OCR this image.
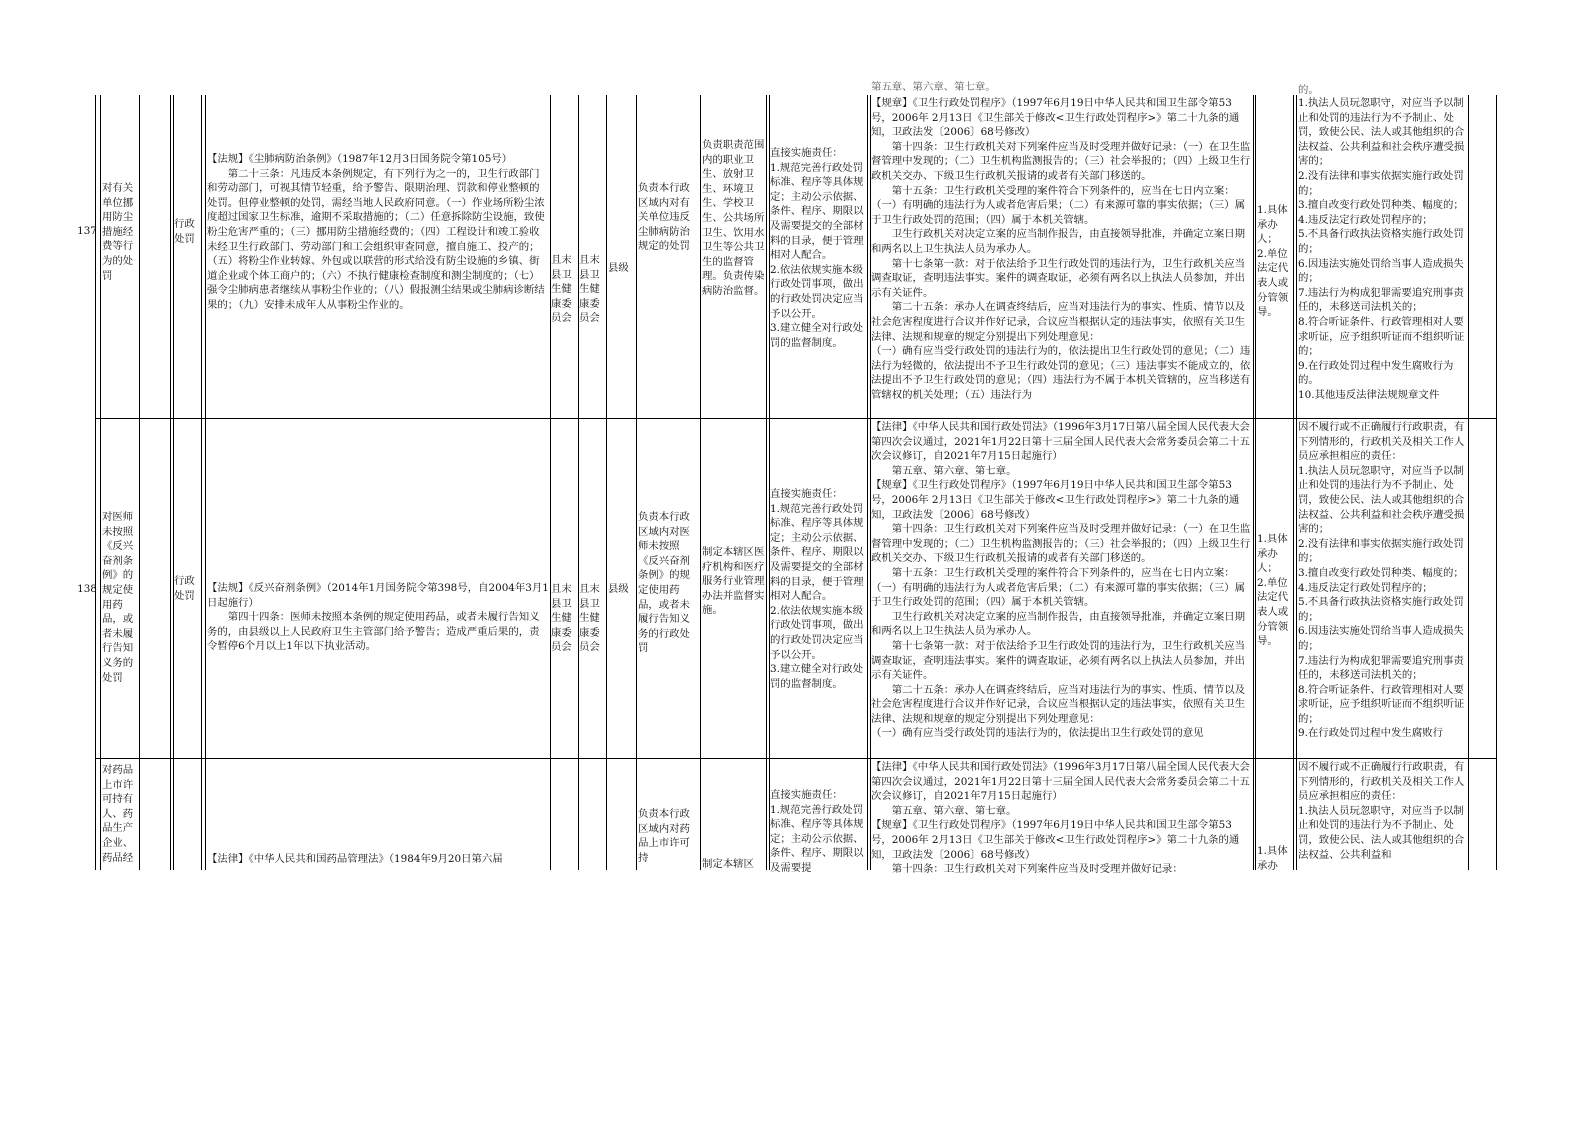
137

对有关单位挪用防尘措施经费等行为的处罚

行政处罚

【法规】《尘肺病防治条例》（1987年12月3日国务院令第105号）
　　第二十三条：凡违反本条例规定，有下列行为之一的，卫生行政部门和劳动部门，可视其情节轻重，给予警告、限期治理、罚款和停业整顿的处罚。但停业整顿的处罚，需经当地人民政府同意。（一）作业场所粉尘浓度超过国家卫生标准，逾期不采取措施的；（二）任意拆除防尘设施，致使粉尘危害严重的；（三）挪用防尘措施经费的；（四）工程设计和竣工验收未经卫生行政部门、劳动部门和工会组织审查同意，擅自施工、投产的；（五）将粉尘作业转嫁、外包或以联营的形式给没有防尘设施的乡镇、街道企业或个体工商户的；（六）不执行健康检查制度和测尘制度的；（七）强令尘肺病患者继续从事粉尘作业的；（八）假报测尘结果或尘肺病诊断结果的；（九）安排未成年人从事粉尘作业的。

且末县卫生健康委员会

且末县卫生健康委员会

县级

负责本行政区域内对有关单位违反尘肺病防治规定的处罚

负责职责范围内的职业卫生、放射卫生、环境卫生、学校卫生、公共场所卫生、饮用水卫生等公共卫生的监督管理。负责传染病防治监督。

直接实施责任：
1.规范完善行政处罚标准、程序等具体规定；主动公示依据、条件、程序、期限以及需要提交的全部材料的目录，便于管理相对人配合。
2.依法依规实施本级行政处罚事项，做出的行政处罚决定应当予以公开。
3.建立健全对行政处罚的监督制度。

第五章、第六章、第七章。

【规章】《卫生行政处罚程序》（1997年6月19日中华人民共和国卫生部令第53号，2006年 2月13日《卫生部关于修改<卫生行政处罚程序>》第二十九条的通知，卫政法发〔2006〕68号修改）
　　第十四条：卫生行政机关对下列案件应当及时受理并做好记录：（一）在卫生监督管理中发现的；（二）卫生机构监测报告的；（三）社会举报的；（四）上级卫生行政机关交办、下级卫生行政机关报请的或者有关部门移送的。
　　第十五条：卫生行政机关受理的案件符合下列条件的，应当在七日内立案：（一）有明确的违法行为人或者危害后果；（二）有来源可靠的事实依据；（三）属于卫生行政处罚的范围；（四）属于本机关管辖。
　　卫生行政机关对决定立案的应当制作报告，由直接领导批准，并确定立案日期和两名以上卫生执法人员为承办人。
　　第十七条第一款：对于依法给予卫生行政处罚的违法行为，卫生行政机关应当调查取证，查明违法事实。案件的调查取证，必须有两名以上执法人员参加，并出示有关证件。
　　第二十五条：承办人在调查终结后，应当对违法行为的事实、性质、情节以及社会危害程度进行合议并作好记录，合议应当根据认定的违法事实，依照有关卫生法律、法规和规章的规定分别提出下列处理意见：
（一）确有应当受行政处罚的违法行为的，依法提出卫生行政处罚的意见；（二）违法行为轻微的，依法提出不予卫生行政处罚的意见；（三）违法事实不能成立的，依法提出不予卫生行政处罚的意见；（四）违法行为不属于本机关管辖的，应当移送有管辖权的机关处理；（五）违法行为

1.具体承办人；
2.单位法定代表人或分管领导。

的。

1.执法人员玩忽职守，对应当予以制止和处罚的违法行为不予制止、处罚，致使公民、法人或其他组织的合法权益、公共利益和社会秩序遭受损害的；
2.没有法律和事实依据实施行政处罚的；
3.擅自改变行政处罚种类、幅度的；
4.违反法定行政处罚程序的；
5.不具备行政执法资格实施行政处罚的；
6.因违法实施处罚给当事人造成损失的；
7.违法行为构成犯罪需要追究刑事责任的，未移送司法机关的；
8.符合听证条件、行政管理相对人要求听证，应予组织听证而不组织听证的；
9.在行政处罚过程中发生腐败行为的。
10.其他违反法律法规规章文件

138

对医师未按照《反兴奋剂条例》的规定使用药品，或者未履行告知义务的处罚

行政处罚

【法规】《反兴奋剂条例》（2014年1月国务院令第398号，自2004年3月1日起施行）
　　第四十四条：医师未按照本条例的规定使用药品，或者未履行告知义务的，由县级以上人民政府卫生主管部门给予警告；造成严重后果的，责令暂停6个月以上1年以下执业活动。

且末县卫生健康委员会

且末县卫生健康委员会

县级

负责本行政区域内对医师未按照《反兴奋剂条例》的规定使用药品，或者未履行告知义务的行政处罚

制定本辖区医疗机构和医疗服务行业管理办法并监督实施。

直接实施责任：
1.规范完善行政处罚标准、程序等具体规定；主动公示依据、条件、程序、期限以及需要提交的全部材料的目录，便于管理相对人配合。
2.依法依规实施本级行政处罚事项，做出的行政处罚决定应当予以公开。
3.建立健全对行政处罚的监督制度。

【法律】《中华人民共和国行政处罚法》（1996年3月17日第八届全国人民代表大会第四次会议通过，2021年1月22日第十三届全国人民代表大会常务委员会第二十五次会议修订，自2021年7月15日起施行）
　　第五章、第六章、第七章。
【规章】《卫生行政处罚程序》（1997年6月19日中华人民共和国卫生部令第53号，2006年 2月13日《卫生部关于修改<卫生行政处罚程序>》第二十九条的通知，卫政法发〔2006〕68号修改）
　　第十四条：卫生行政机关对下列案件应当及时受理并做好记录：（一）在卫生监督管理中发现的；（二）卫生机构监测报告的；（三）社会举报的；（四）上级卫生行政机关交办、下级卫生行政机关报请的或者有关部门移送的。
　　第十五条：卫生行政机关受理的案件符合下列条件的，应当在七日内立案：（一）有明确的违法行为人或者危害后果；（二）有来源可靠的事实依据；（三）属于卫生行政处罚的范围；（四）属于本机关管辖。
　　卫生行政机关对决定立案的应当制作报告，由直接领导批准，并确定立案日期和两名以上卫生执法人员为承办人。
　　第十七条第一款：对于依法给予卫生行政处罚的违法行为，卫生行政机关应当调查取证，查明违法事实。案件的调查取证，必须有两名以上执法人员参加，并出示有关证件。
　　第二十五条：承办人在调查终结后，应当对违法行为的事实、性质、情节以及社会危害程度进行合议并作好记录，合议应当根据认定的违法事实，依照有关卫生法律、法规和规章的规定分别提出下列处理意见：
（一）确有应当受行政处罚的违法行为的，依法提出卫生行政处罚的意见

1.具体承办人；
2.单位法定代表人或分管领导。

因不履行或不正确履行行政职责，有下列情形的，行政机关及相关工作人员应承担相应的责任：
1.执法人员玩忽职守，对应当予以制止和处罚的违法行为不予制止、处罚，致使公民、法人或其他组织的合法权益、公共利益和社会秩序遭受损害的；
2.没有法律和事实依据实施行政处罚的；
3.擅自改变行政处罚种类、幅度的；
4.违反法定行政处罚程序的；
5.不具备行政执法资格实施行政处罚的；
6.因违法实施处罚给当事人造成损失的；
7.违法行为构成犯罪需要追究刑事责任的，未移送司法机关的；
8.符合听证条件、行政管理相对人要求听证，应予组织听证而不组织听证的；
9.在行政处罚过程中发生腐败行

对药品上市许可持有人、药品生产企业、药品经	【法律】《中华人民共和国药品管理法》（1984年9月20日第六届

负责本行政区域内对药品上市许可持

制定本辖区

直接实施责任：
1.规范完善行政处罚标准、程序等具体规定；主动公示依据、条件、程序、期限以及需要提

【法律】《中华人民共和国行政处罚法》（1996年3月17日第八届全国人民代表大会第四次会议通过，2021年1月22日第十三届全国人民代表大会常务委员会第二十五次会议修订，自2021年7月15日起施行）
　　第五章、第六章、第七章。
【规章】《卫生行政处罚程序》（1997年6月19日中华人民共和国卫生部令第53号，2006年 2月13日《卫生部关于修改<卫生行政处罚程序>》第二十九条的通知，卫政法发〔2006〕68号修改）
　　第十四条：卫生行政机关对下列案件应当及时受理并做好记录：

1.具体承办

因不履行或不正确履行行政职责，有下列情形的，行政机关及相关工作人员应承担相应的责任：
1.执法人员玩忽职守，对应当予以制止和处罚的违法行为不予制止、处罚，致使公民、法人或其他组织的合法权益、公共利益和
